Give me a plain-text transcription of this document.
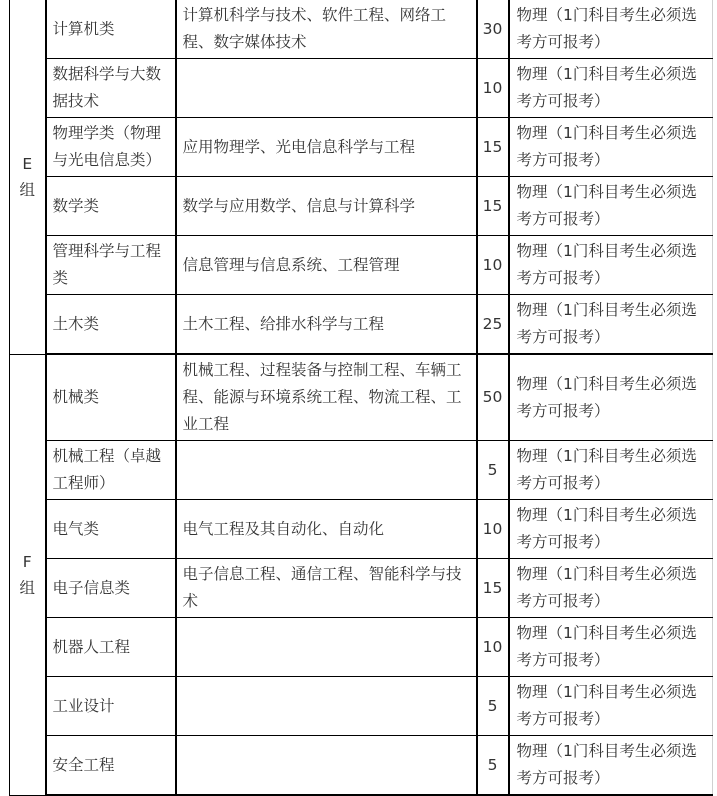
E
组	计算机类	计算机科学与技术、软件工程、网络工程、数字媒体技术	30	物理（1门科目考生必须选考方可报考）
	数据科学与大数据技术		10	物理（1门科目考生必须选考方可报考）
	物理学类（物理与光电信息类）	应用物理学、光电信息科学与工程	15	物理（1门科目考生必须选考方可报考）
	数学类	数学与应用数学、信息与计算科学	15	物理（1门科目考生必须选考方可报考）
	管理科学与工程类	信息管理与信息系统、工程管理	10	物理（1门科目考生必须选考方可报考）
	土木类	土木工程、给排水科学与工程	25	物理（1门科目考生必须选考方可报考）

F
组	机械类	机械工程、过程装备与控制工程、车辆工程、能源与环境系统工程、物流工程、工业工程	50	物理（1门科目考生必须选考方可报考）
	机械工程（卓越工程师）		5	物理（1门科目考生必须选考方可报考）
	电气类	电气工程及其自动化、自动化	10	物理（1门科目考生必须选考方可报考）
	电子信息类	电子信息工程、通信工程、智能科学与技术	15	物理（1门科目考生必须选考方可报考）
	机器人工程		10	物理（1门科目考生必须选考方可报考）
	工业设计		5	物理（1门科目考生必须选考方可报考）
	安全工程		5	物理（1门科目考生必须选考方可报考）
